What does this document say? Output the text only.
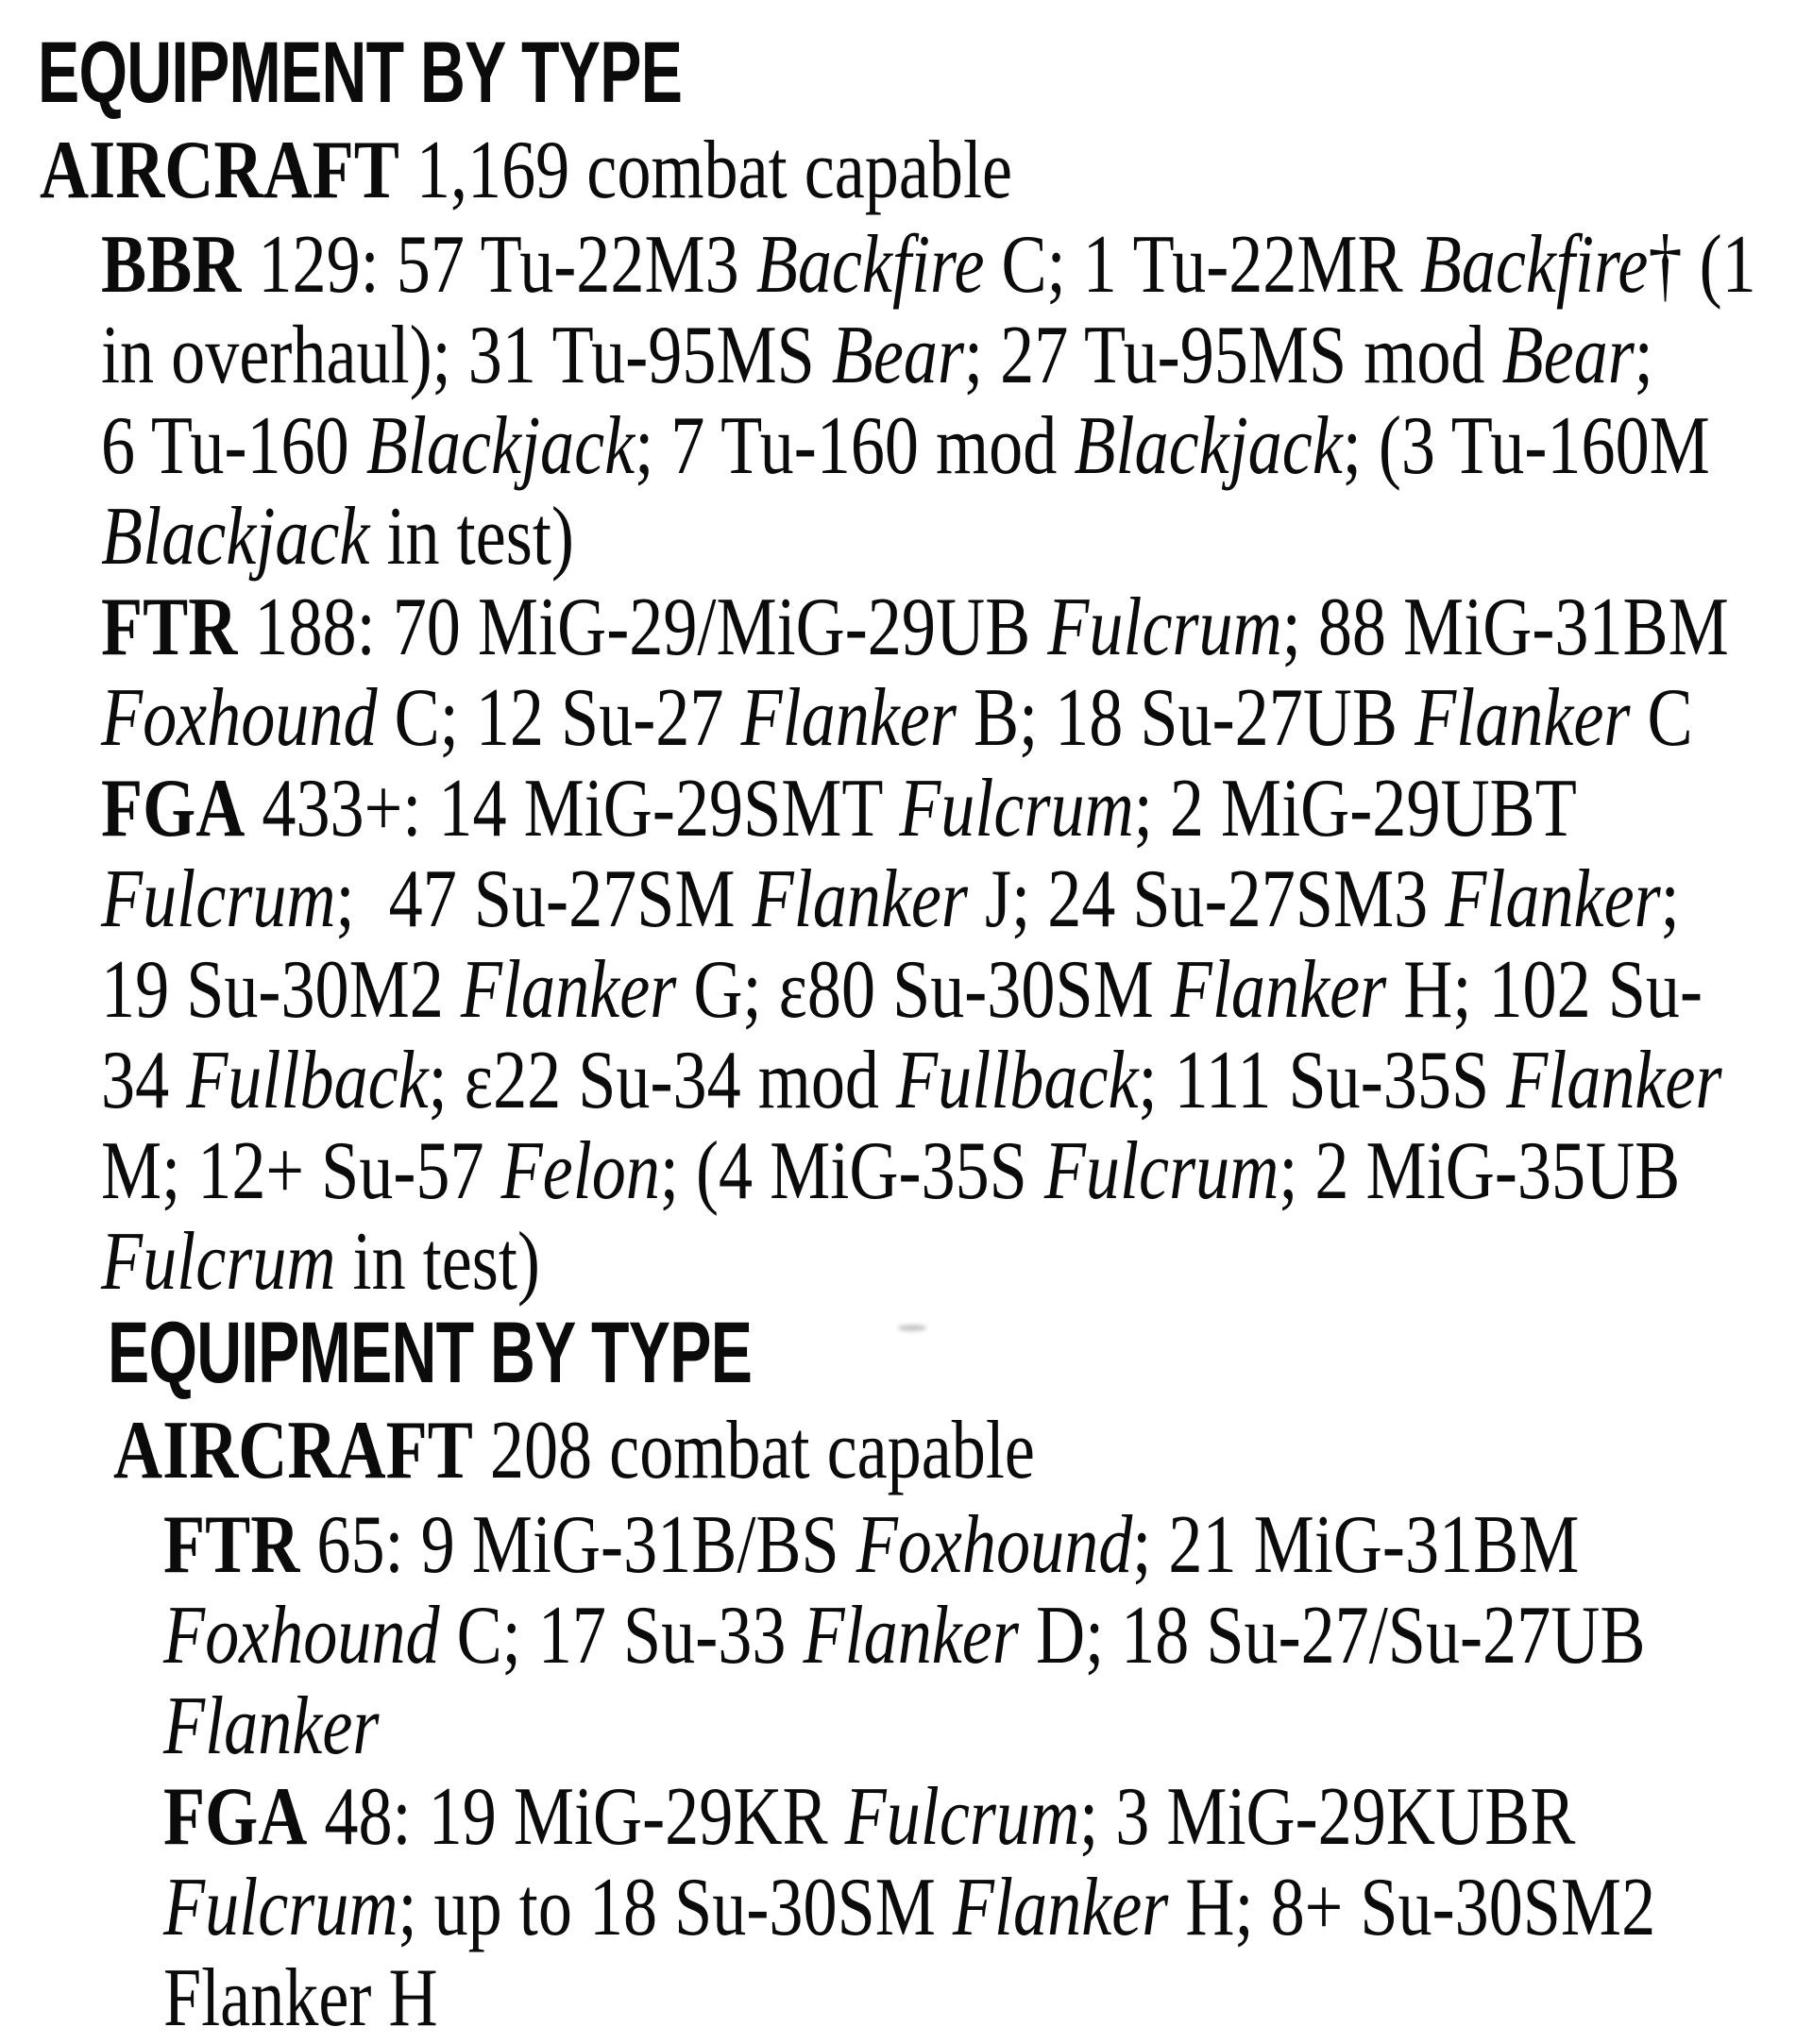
EQUIPMENT BY TYPE
AIRCRAFT 1,169 combat capable
BBR 129: 57 Tu-22M3 Backfire C; 1 Tu-22MR Backfire† (1
in overhaul); 31 Tu-95MS Bear; 27 Tu-95MS mod Bear;
6 Tu-160 Blackjack; 7 Tu-160 mod Blackjack; (3 Tu-160M
Blackjack in test)
FTR 188: 70 MiG-29/MiG-29UB Fulcrum; 88 MiG-31BM
Foxhound C; 12 Su-27 Flanker B; 18 Su-27UB Flanker C
FGA 433+: 14 MiG-29SMT Fulcrum; 2 MiG-29UBT
Fulcrum;  47 Su-27SM Flanker J; 24 Su-27SM3 Flanker;
19 Su-30M2 Flanker G; ε80 Su-30SM Flanker H; 102 Su-
34 Fullback; ε22 Su-34 mod Fullback; 111 Su-35S Flanker
M; 12+ Su-57 Felon; (4 MiG-35S Fulcrum; 2 MiG-35UB
Fulcrum in test)
EQUIPMENT BY TYPE
AIRCRAFT 208 combat capable
FTR 65: 9 MiG-31B/BS Foxhound; 21 MiG-31BM
Foxhound C; 17 Su-33 Flanker D; 18 Su-27/Su-27UB
Flanker
FGA 48: 19 MiG-29KR Fulcrum; 3 MiG-29KUBR
Fulcrum; up to 18 Su-30SM Flanker H; 8+ Su-30SM2
Flanker H
